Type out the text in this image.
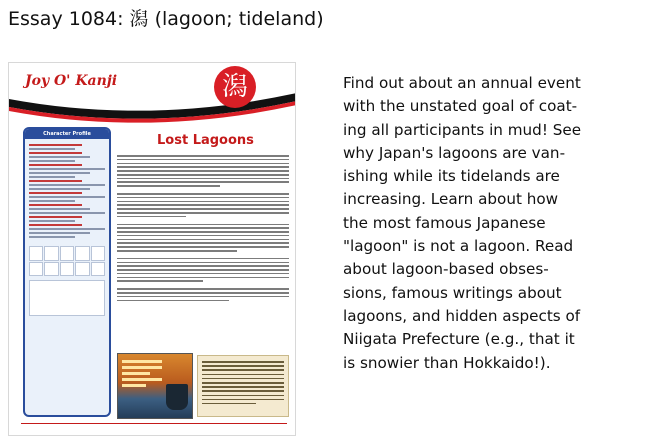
Essay 1084: 潟 (lagoon; tideland)
Joy O' Kanji	潟
Character Profile	Lost Lagoons
Find out about an annual event
with the unstated goal of coat-
ing all participants in mud! See
why Japan's lagoons are van-
ishing while its tidelands are
increasing. Learn about how
the most famous Japanese
"lagoon" is not a lagoon. Read
about lagoon-based obses-
sions, famous writings about
lagoons, and hidden aspects of
Niigata Prefecture (e.g., that it
is snowier than Hokkaido!).
